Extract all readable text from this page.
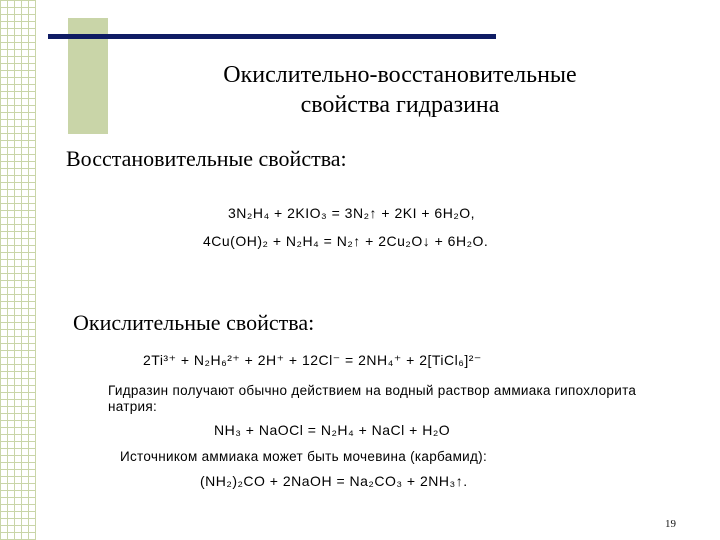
Окислительно-восстановительные
свойства гидразина
Восстановительные свойства:
3N₂H₄ + 2KIO₃ = 3N₂↑ + 2KI + 6H₂O,
4Cu(OH)₂ + N₂H₄ = N₂↑ + 2Cu₂O↓ + 6H₂O.
Окислительные свойства:
2Ti³⁺ + N₂H₆²⁺ + 2H⁺ + 12Cl⁻ = 2NH₄⁺ + 2[TiCl₆]²⁻
Гидразин получают обычно действием на водный раствор аммиака гипохлорита натрия:
NH₃ + NaOCl = N₂H₄ + NaCl + H₂O
Источником аммиака может быть мочевина (карбамид):
(NH₂)₂CO + 2NaOH = Na₂CO₃ + 2NH₃↑.
19
